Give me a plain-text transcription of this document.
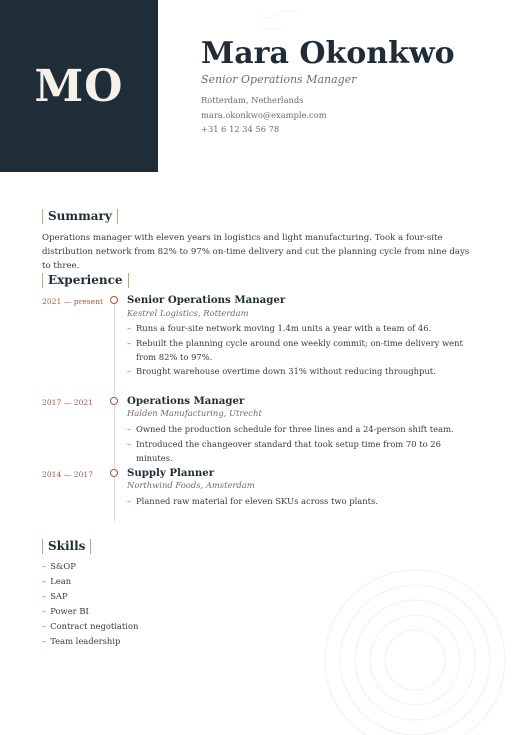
MO
Mara Okonkwo
Senior Operations Manager
Rotterdam, Netherlands
mara.okonkwo@example.com
+31 6 12 34 56 78
Summary
Operations manager with eleven years in logistics and light manufacturing. Took a four-site distribution network from 82% to 97% on-time delivery and cut the planning cycle from nine days to three.
Experience
2021 — present Senior Operations Manager
Kestrel Logistics, Rotterdam
– Runs a four-site network moving 1.4m units a year with a team of 46.
– Rebuilt the planning cycle around one weekly commit; on-time delivery went from 82% to 97%.
– Brought warehouse overtime down 31% without reducing throughput.
2017 — 2021	Operations Manager
Halden Manufacturing, Utrecht
– Owned the production schedule for three lines and a 24-person shift team.
– Introduced the changeover standard that took setup time from 70 to 26 minutes.
2014 — 2017	Supply Planner
Northwind Foods, Amsterdam
– Planned raw material for eleven SKUs across two plants.
Skills
– S&OP
– Lean
– SAP
– Power BI
– Contract negotiation
– Team leadership
